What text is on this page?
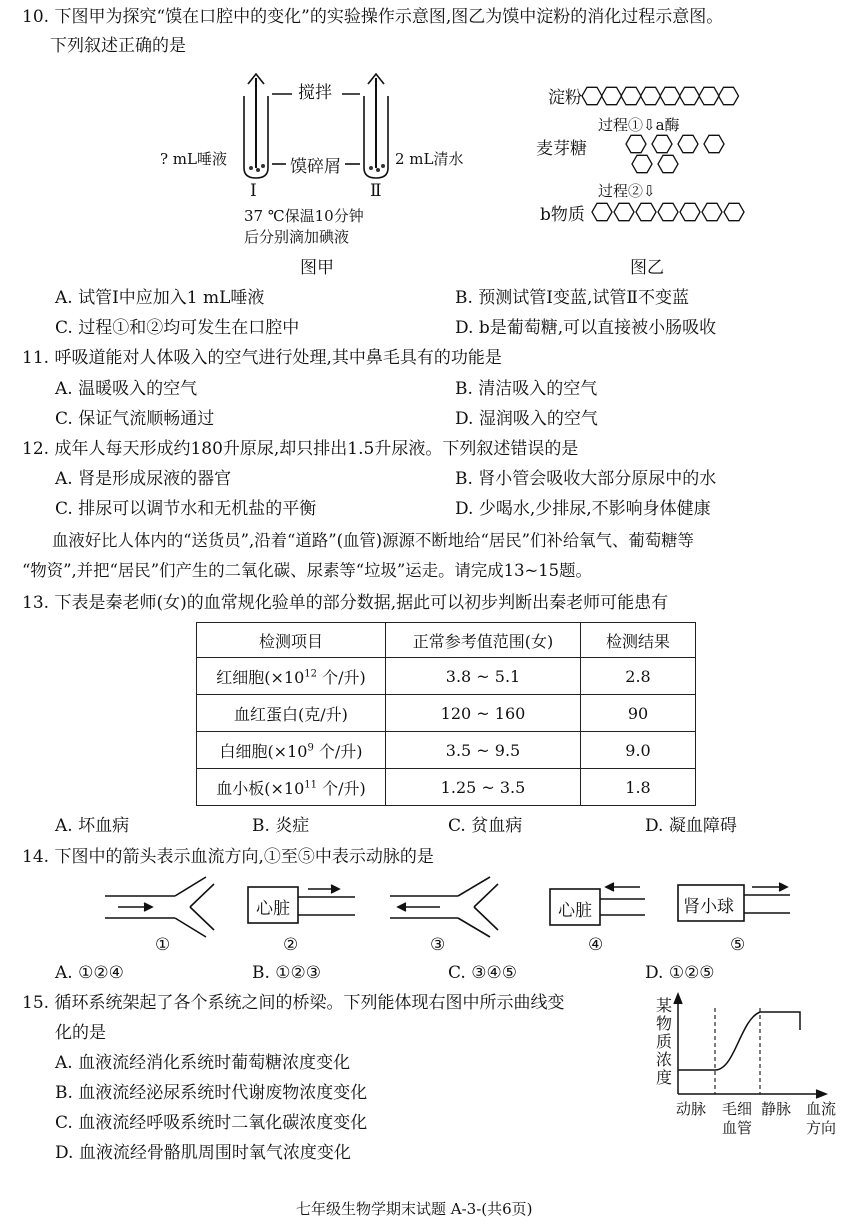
10. 下图甲为探究“馍在口腔中的变化”的实验操作示意图,图乙为馍中淀粉的消化过程示意图。
下列叙述正确的是
搅拌
? mL唾液	馍碎屑	2 mL清水
Ⅰ	Ⅱ
37 ℃保温10分钟
后分别滴加碘液
图甲
淀粉
过程①⇩a酶
麦芽糖
过程②⇩
b物质
图乙
A. 试管Ⅰ中应加入1 mL唾液	B. 预测试管Ⅰ变蓝,试管Ⅱ不变蓝
C. 过程①和②均可发生在口腔中	D. b是葡萄糖,可以直接被小肠吸收
11. 呼吸道能对人体吸入的空气进行处理,其中鼻毛具有的功能是
A. 温暖吸入的空气	B. 清洁吸入的空气
C. 保证气流顺畅通过	D. 湿润吸入的空气
12. 成年人每天形成约180升原尿,却只排出1.5升尿液。下列叙述错误的是
A. 肾是形成尿液的器官	B. 肾小管会吸收大部分原尿中的水
C. 排尿可以调节水和无机盐的平衡	D. 少喝水,少排尿,不影响身体健康
血液好比人体内的“送货员”,沿着“道路”(血管)源源不断地给“居民”们补给氧气、葡萄糖等
“物资”,并把“居民”们产生的二氧化碳、尿素等“垃圾”运走。请完成13~15题。
13. 下表是秦老师(女)的血常规化验单的部分数据,据此可以初步判断出秦老师可能患有
检测项目	正常参考值范围(女)	检测结果
红细胞($\times 10^{12}$ 个/升)	3.8 ~ 5.1	2.8
血红蛋白(克/升)	120 ~ 160	90
白细胞($\times 10^9$ 个/升)	3.5 ~ 9.5	9.0
血小板($\times 10^{11}$ 个/升)	1.25 ~ 3.5	1.8
A. 坏血病	B. 炎症	C. 贫血病	D. 凝血障碍
14. 下图中的箭头表示血流方向,①至⑤中表示动脉的是
心脏	心脏	肾小球
①	②	③	④	⑤
A. ①②④	B. ①②③	C. ③④⑤	D. ①②⑤
15. 循环系统架起了各个系统之间的桥梁。下列能体现右图中所示曲线变
化的是
A. 血液流经消化系统时葡萄糖浓度变化
B. 血液流经泌尿系统时代谢废物浓度变化
C. 血液流经呼吸系统时二氧化碳浓度变化
D. 血液流经骨骼肌周围时氧气浓度变化
某
物
质
浓
度
动脉 毛细
血管
静脉 血流
方向
七年级生物学期末试题 A-3-(共6页)
